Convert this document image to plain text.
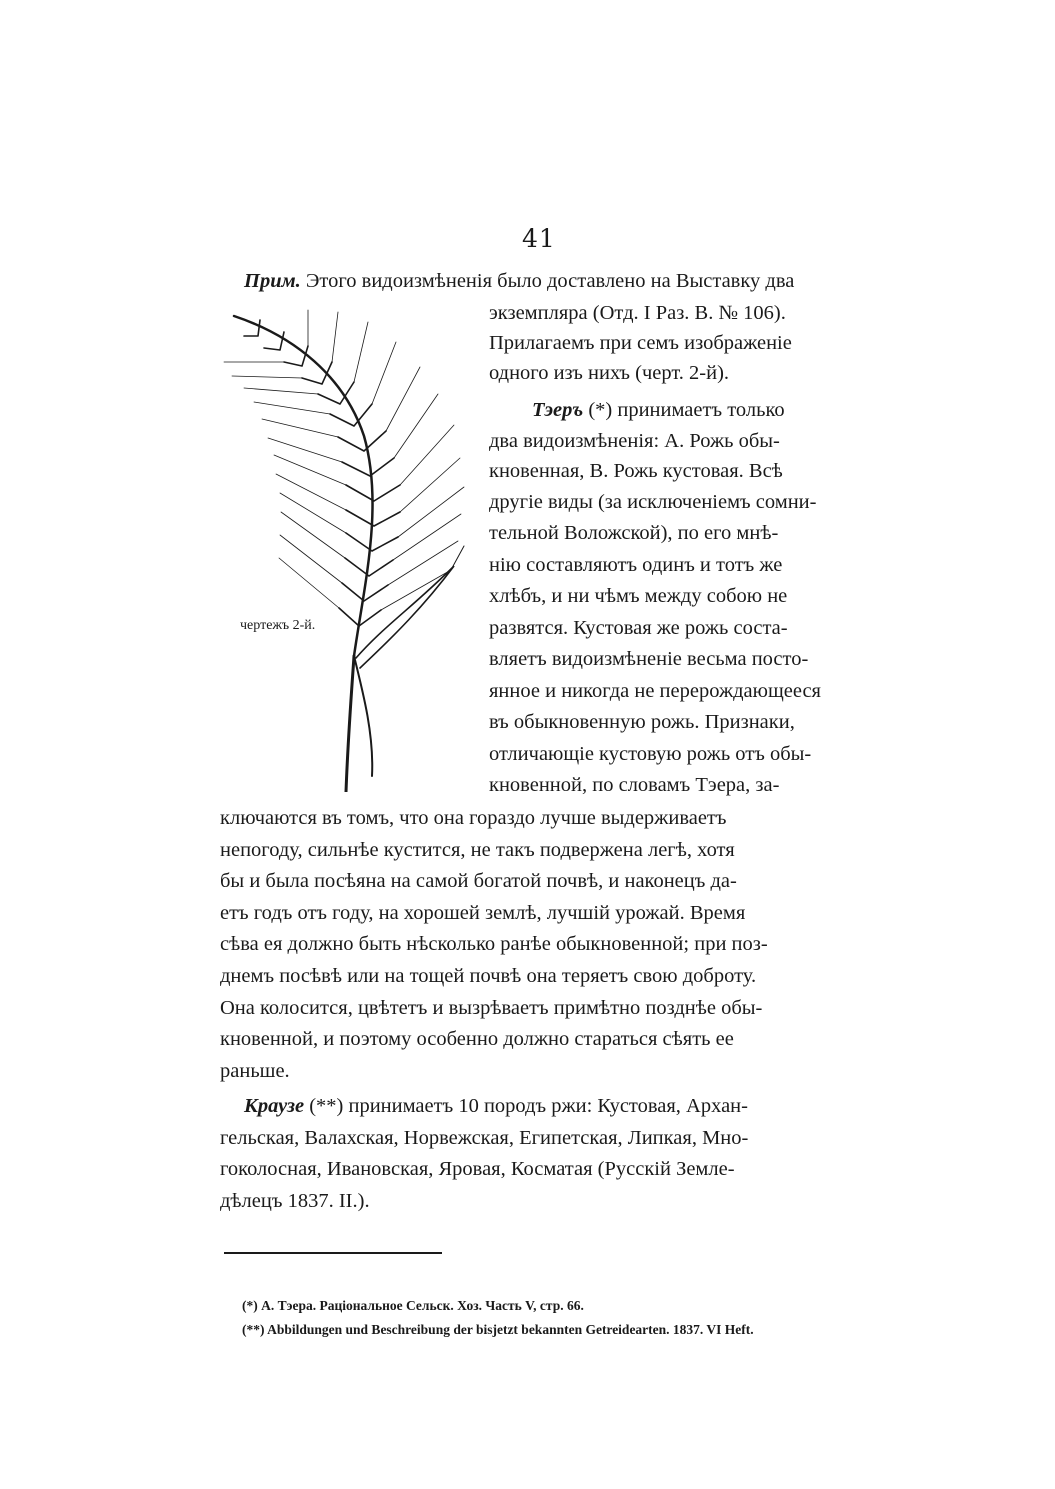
41
Прим. Этого видоизмѣненія было доставлено на Выставку два
экземпляра (Отд. I Раз. В. № 106).
Прилагаемъ при семъ изображеніе
одного изъ нихъ (черт. 2-й).
Тэеръ (*) принимаетъ только
два видоизмѣненія: А. Рожь обы-
кновенная, В. Рожь кустовая. Всѣ
другіе виды (за исключеніемъ сомни-
тельной Воложской), по его мнѣ-
нію составляютъ одинъ и тотъ же
хлѣбъ, и ни чѣмъ между собою не
развятся. Кустовая же рожь соста-
вляетъ видоизмѣненіе весьма посто-
янное и никогда не перерождающееся
въ обыкновенную рожь. Признаки,
отличающіе кустовую рожь отъ обы-
кновенной, по словамъ Тэера, за-
ключаются въ томъ, что она гораздо лучше выдерживаетъ
непогоду, сильнѣе кустится, не такъ подвержена легѣ, хотя
бы и была посѣяна на самой богатой почвѣ, и наконецъ да-
етъ годъ отъ году, на хорошей землѣ, лучшій урожай. Время
сѣва ея должно быть нѣсколько ранѣе обыкновенной; при поз-
днемъ посѣвѣ или на тощей почвѣ она теряетъ свою доброту.
Она колосится, цвѣтетъ и вызрѣваетъ примѣтно позднѣе обы-
кновенной, и поэтому особенно должно стараться сѣять ее
раньше.
Краузе (**) принимаетъ 10 породъ ржи: Кустовая, Архан-
гельская, Валахская, Норвежская, Египетская, Липкая, Мно-
гоколосная, Ивановская, Яровая, Косматая (Русскій Земле-
дѣлецъ 1837. II.).
чертежъ 2-й.
(*) А. Тэера. Раціональное Сельск. Хоз. Часть V, стр. 66.
(**) Abbildungen und Beschreibung der bisjetzt bekannten Getreidearten. 1837. VI Heft.
